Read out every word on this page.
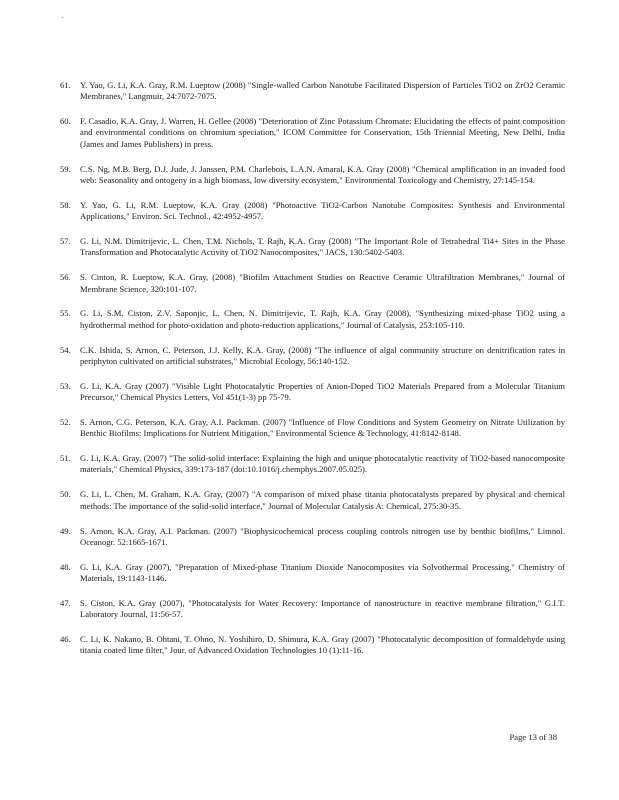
61.	Y. Yao, G. Li, K.A. Gray, R.M. Lueptow (2008) "Single-walled Carbon Nanotube Facilitated Dispersion of Particles TiO2 on ZrO2 Ceramic Membranes," Langmuir, 24:7072-7075.
60.	F. Casadio, K.A. Gray, J. Warren, H. Gellee (2008) "Deterioration of Zinc Potassium Chromate: Elucidating the effects of paint composition and environmental conditions on chromium speciation," ICOM Committee for Conservation, 15th Triennial Meeting, New Delhi, India (James and James Publishers) in press.
59.	C.S. Ng, M.B. Berg, D.J. Jude, J. Janssen, P.M. Charlebois, L.A.N. Amaral, K.A. Gray (2008) "Chemical amplification in an invaded food web: Seasonality and ontogeny in a high biomass, low diversity ecosystem," Environmental Toxicology and Chemistry, 27:145-154.
58.	Y. Yao, G. Li, R.M. Lueptow, K.A. Gray (2008) "Photoactive TiO2-Carbon Nanotube Composites: Synthesis and Environmental Applications," Environ. Sci. Technol., 42:4952-4957.
57.	G. Li, N.M. Dimitrijevic, L. Chen, T.M. Nichols, T. Rajh, K.A. Gray (2008) "The Important Role of Tetrahedral Ti4+ Sites in the Phase Transformation and Photocatalytic Activity of TiO2 Nanocomposites," JACS, 130:5402-5403.
56.	S. Cinton, R. Lueptow, K.A. Gray, (2008) "Biofilm Attachment Studies on Reactive Ceramic Ultrafiltration Membranes," Journal of Membrane Science, 320:101-107.
55.	G. Li, S.M. Ciston, Z.V. Saponjic, L. Chen, N. Dimitrijevic, T. Rajh, K.A. Gray (2008), "Synthesizing mixed-phase TiO2 using a hydrothermal method for photo-oxidation and photo-reduction applications," Journal of Catalysis, 253:105-110.
54.	C.K. Ishida, S. Arnon, C. Peterson, J.J. Kelly, K.A. Gray, (2008) "The influence of algal community structure on denitrification rates in periphyton cultivated on artificial substrates," Microbial Ecology, 56:140-152.
53.	G. Li, K.A. Gray (2007) "Visible Light Photocatalytic Properties of Anion-Doped TiO2 Materials Prepared from a Molecular Titanium Precursor," Chemical Physics Letters, Vol 451(1-3) pp 75-79.
52.	S. Arnon, C.G. Peterson, K.A. Gray, A.I. Packman. (2007) "Influence of Flow Conditions and System Geometry on Nitrate Utilization by Benthic Biofilms: Implications for Nutrient Mitigation," Environmental Science & Technology, 41:8142-8148.
51.	G. Li, K.A. Gray. (2007) "The solid-solid interface: Explaining the high and unique photocatalytic reactivity of TiO2-based nanocomposite materials," Chemical Physics, 339:173-187 (doi:10.1016/j.chemphys.2007.05.025).
50.	G. Li, L. Chen, M. Graham, K.A. Gray, (2007) "A comparison of mixed phase titania photocatalysts prepared by physical and chemical methods: The importance of the solid-solid interface," Journal of Molecular Catalysis A: Chemical, 275:30-35.
49.	S. Arnon, K.A. Gray, A.I. Packman. (2007) "Biophysicochemical process coupling controls nitrogen use by benthic biofilms," Limnol. Oceanogr. 52:1665-1671.
48.	G. Li, K.A. Gray (2007), "Preparation of Mixed-phase Titanium Dioxide Nanocomposites via Solvothermal Processing," Chemistry of Materials, 19:1143-1146.
47.	S. Ciston, K.A. Gray (2007), "Photocatalysis for Water Recovery: Importance of nanostructure in reactive membrane filtration," G.I.T. Laboratory Journal, 11:56-57.
46.	C. Li, K. Nakano, B. Ohtani, T. Ohno, N. Yoshihiro, D. Shimura, K.A. Gray (2007) "Photocatalytic decomposition of formaldehyde using titania coated lime filter," Jour. of Advanced Oxidation Technologies 10 (1):11-16.
Page 13 of 38
